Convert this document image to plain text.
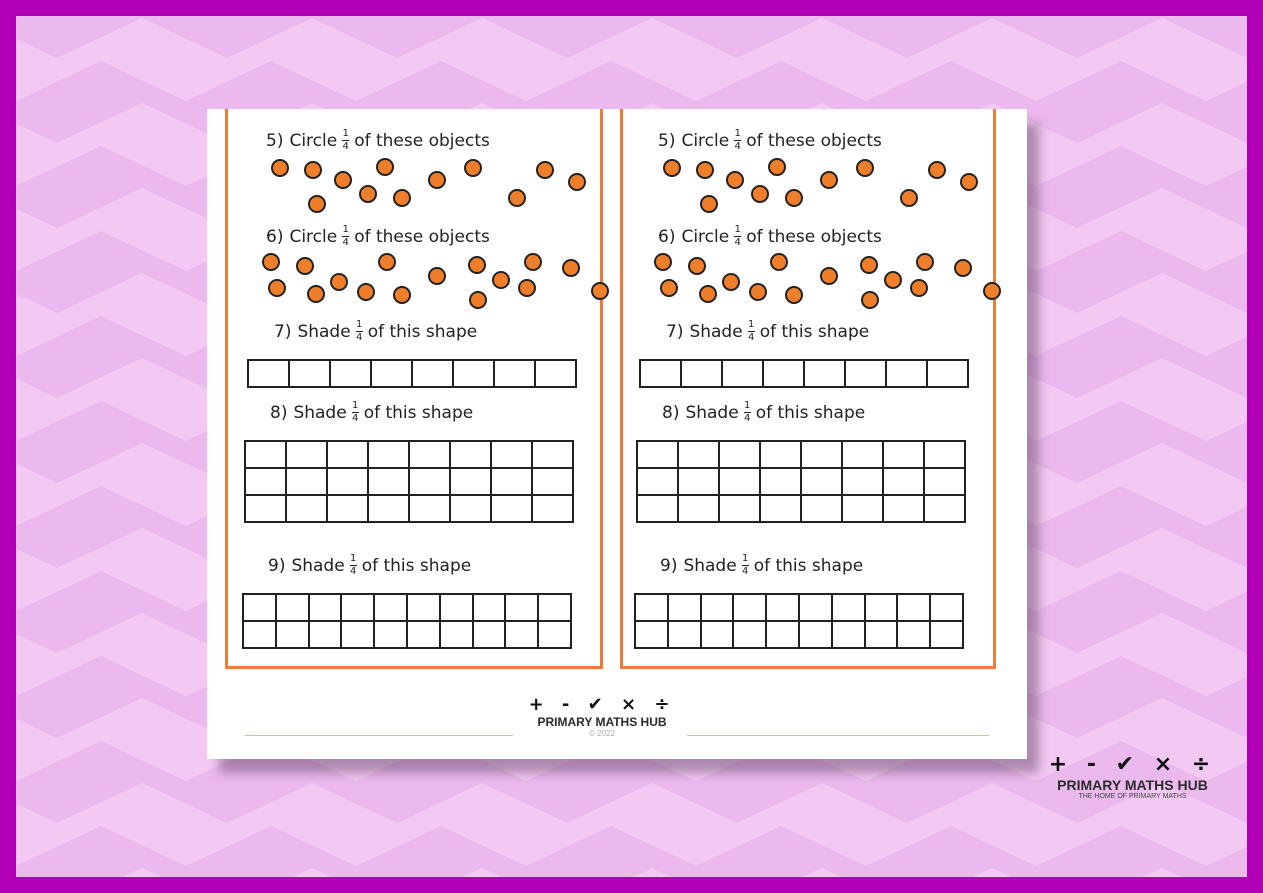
5) Circle $\frac{1}{4}$ of these objects
6) Circle $\frac{1}{4}$ of these objects
7) Shade $\frac{1}{4}$ of this shape
8) Shade $\frac{1}{4}$ of this shape
9) Shade $\frac{1}{4}$ of this shape
5) Circle $\frac{1}{4}$ of these objects
6) Circle $\frac{1}{4}$ of these objects
7) Shade $\frac{1}{4}$ of this shape
8) Shade $\frac{1}{4}$ of this shape
9) Shade $\frac{1}{4}$ of this shape
+ - ✔ × ÷
PRIMARY MATHS HUB
© 2022
+ - ✔ × ÷
PRIMARY MATHS HUB
THE HOME OF PRIMARY MATHS
